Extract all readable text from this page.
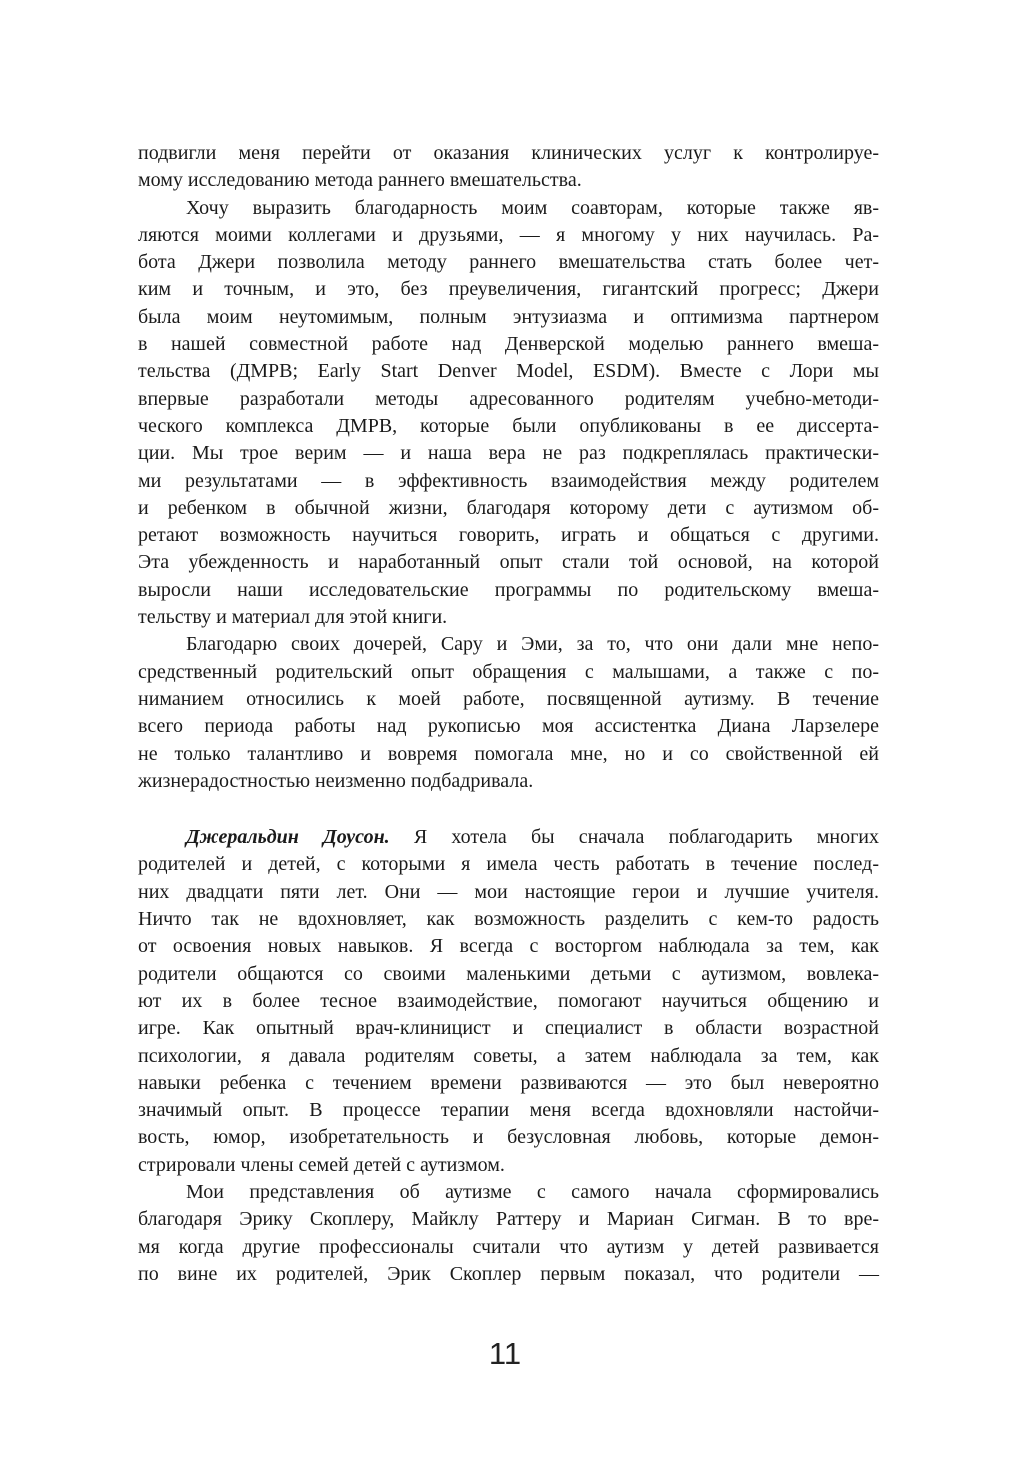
подвигли меня перейти от оказания клинических услуг к контролируе-
мому исследованию метода раннего вмешательства.
Хочу выразить благодарность моим соавторам, которые также яв-
ляются моими коллегами и друзьями, — я многому у них научилась. Ра-
бота Джери позволила методу раннего вмешательства стать более чет-
ким и точным, и это, без преувеличения, гигантский прогресс; Джери
была моим неутомимым, полным энтузиазма и оптимизма партнером
в нашей совместной работе над Денверской моделью раннего вмеша-
тельства (ДМРВ; Early Start Denver Model, ESDM). Вместе с Лори мы
впервые разработали методы адресованного родителям учебно-методи-
ческого комплекса ДМРВ, которые были опубликованы в ее диссерта-
ции. Мы трое верим — и наша вера не раз подкреплялась практически-
ми результатами — в эффективность взаимодействия между родителем
и ребенком в обычной жизни, благодаря которому дети с аутизмом об-
ретают возможность научиться говорить, играть и общаться с другими.
Эта убежденность и наработанный опыт стали той основой, на которой
выросли наши исследовательские программы по родительскому вмеша-
тельству и материал для этой книги.
Благодарю своих дочерей, Сару и Эми, за то, что они дали мне непо-
средственный родительский опыт обращения с малышами, а также с по-
ниманием относились к моей работе, посвященной аутизму. В течение
всего периода работы над рукописью моя ассистентка Диана Ларзелере
не только талантливо и вовремя помогала мне, но и со свойственной ей
жизнерадостностью неизменно подбадривала.
Джеральдин Доусон. Я хотела бы сначала поблагодарить многих
родителей и детей, с которыми я имела честь работать в течение послед-
них двадцати пяти лет. Они — мои настоящие герои и лучшие учителя.
Ничто так не вдохновляет, как возможность разделить с кем-то радость
от освоения новых навыков. Я всегда с восторгом наблюдала за тем, как
родители общаются со своими маленькими детьми с аутизмом, вовлека-
ют их в более тесное взаимодействие, помогают научиться общению и
игре. Как опытный врач-клиницист и специалист в области возрастной
психологии, я давала родителям советы, а затем наблюдала за тем, как
навыки ребенка с течением времени развиваются — это был невероятно
значимый опыт. В процессе терапии меня всегда вдохновляли настойчи-
вость, юмор, изобретательность и безусловная любовь, которые демон-
стрировали члены семей детей с аутизмом.
Мои представления об аутизме с самого начала сформировались
благодаря Эрику Скоплеру, Майклу Раттеру и Мариан Сигман. В то вре-
мя когда другие профессионалы считали что аутизм у детей развивается
по вине их родителей, Эрик Скоплер первым показал, что родители —
11
